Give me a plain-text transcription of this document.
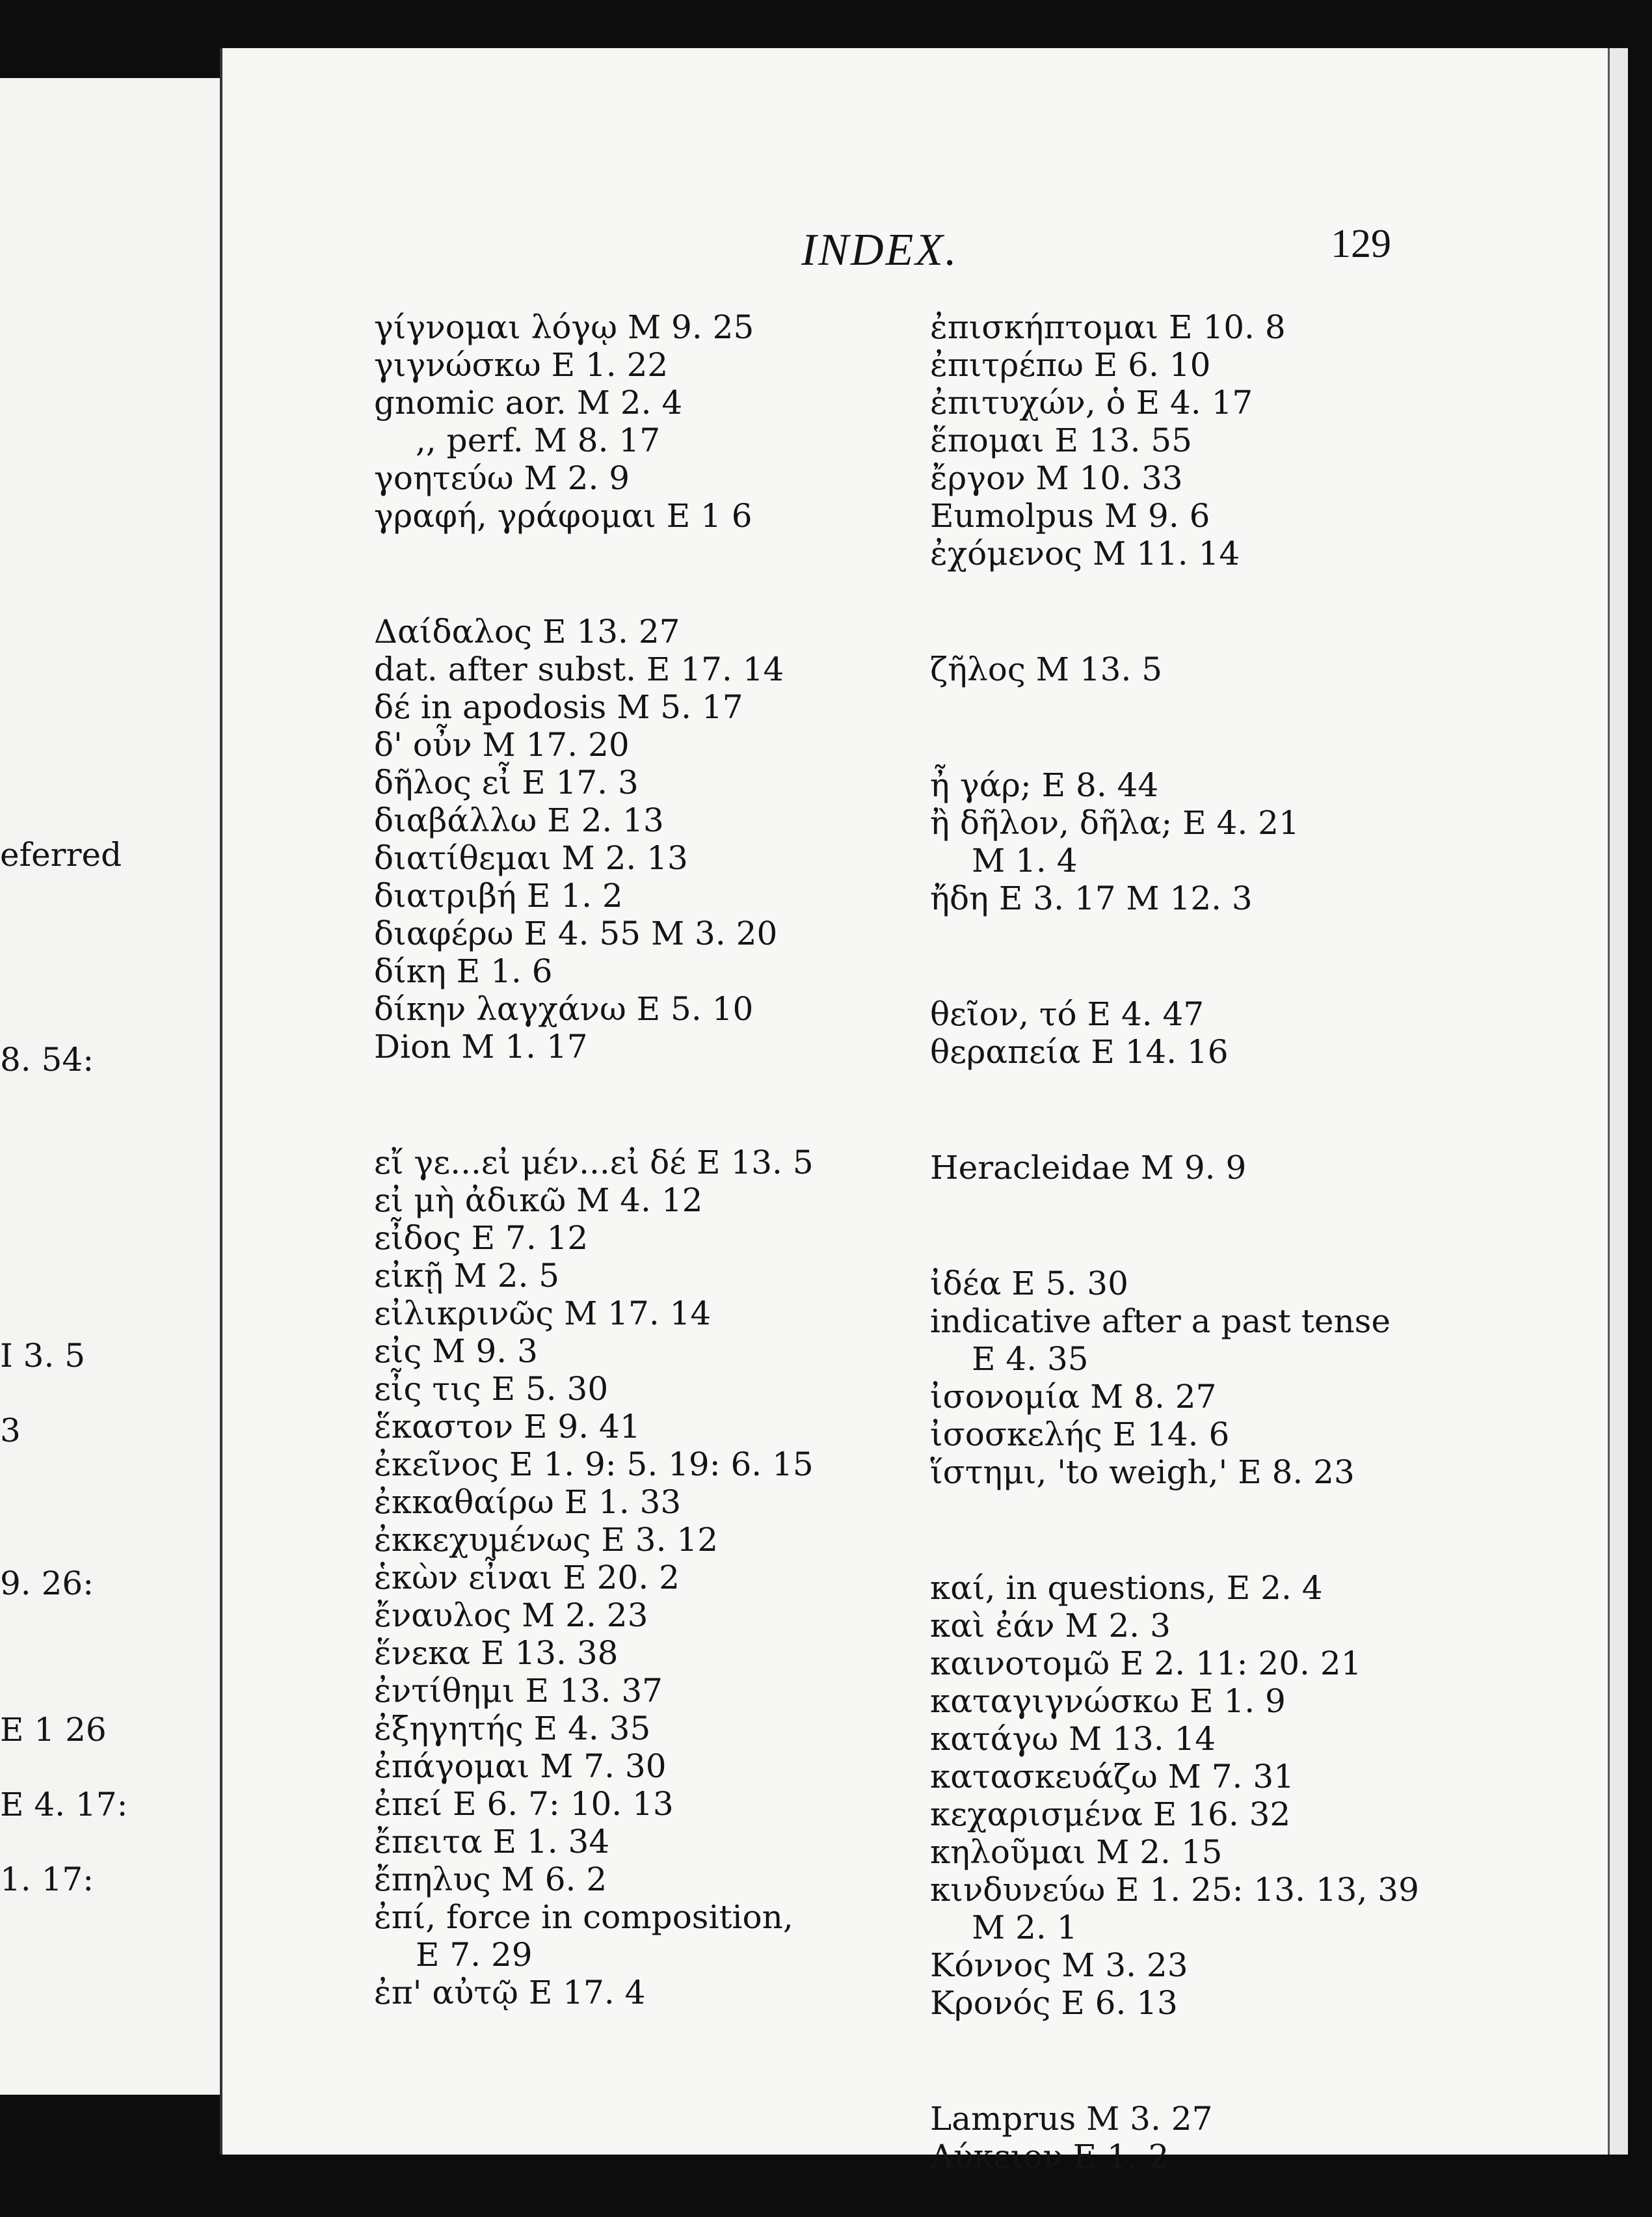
eferred
8. 54:
I 3. 5
3
9. 26:
E 1 26
E 4. 17:
1. 17:
INDEX.	129
γίγνομαι λόγῳ M 9. 25
γιγνώσκω E 1. 22
gnomic aor. M 2. 4
,, perf. M 8. 17
γοητεύω M 2. 9
γραφή, γράφομαι E 1 6
Δαίδαλος E 13. 27
dat. after subst. E 17. 14
δέ in apodosis M 5. 17
δ' οὖν M 17. 20
δῆλος εἶ E 17. 3
διαβάλλω E 2. 13
διατίθεμαι M 2. 13
διατριβή E 1. 2
διαφέρω E 4. 55 M 3. 20
δίκη E 1. 6
δίκην λαγχάνω E 5. 10
Dion M 1. 17
εἴ γε...εἰ μέν...εἰ δέ E 13. 5
εἰ μὴ ἀδικῶ M 4. 12
εἶδος E 7. 12
εἰκῇ M 2. 5
εἰλικρινῶς M 17. 14
εἰς M 9. 3
εἶς τις E 5. 30
ἕκαστον E 9. 41
ἐκεῖνος E 1. 9: 5. 19: 6. 15
ἐκκαθαίρω E 1. 33
ἐκκεχυμένως E 3. 12
ἑκὼν εἶναι E 20. 2
ἔναυλος M 2. 23
ἕνεκα E 13. 38
ἐντίθημι E 13. 37
ἐξηγητής E 4. 35
ἐπάγομαι M 7. 30
ἐπεί E 6. 7: 10. 13
ἔπειτα E 1. 34
ἔπηλυς M 6. 2
ἐπί, force in composition,
E 7. 29
ἐπ' αὐτῷ E 17. 4
ἐπισκήπτομαι E 10. 8
ἐπιτρέπω E 6. 10
ἐπιτυχών, ὁ E 4. 17
ἕπομαι E 13. 55
ἔργον M 10. 33
Eumolpus M 9. 6
ἐχόμενος M 11. 14
ζῆλος M 13. 5
ἦ γάρ; E 8. 44
ἢ δῆλον, δῆλα; E 4. 21
M 1. 4
ἤδη E 3. 17 M 12. 3
θεῖον, τό E 4. 47
θεραπεία E 14. 16
Heracleidae M 9. 9
ἰδέα E 5. 30
indicative after a past tense
E 4. 35
ἰσονομία M 8. 27
ἰσοσκελής E 14. 6
ἵστημι, 'to weigh,' E 8. 23
καί, in questions, E 2. 4
καὶ ἐάν M 2. 3
καινοτομῶ E 2. 11: 20. 21
καταγιγνώσκω E 1. 9
κατάγω M 13. 14
κατασκευάζω M 7. 31
κεχαρισμένα E 16. 32
κηλοῦμαι M 2. 15
κινδυνεύω E 1. 25: 13. 13, 39
M 2. 1
Κόννος M 3. 23
Κρονός E 6. 13
Lamprus M 3. 27
Λύκειον E 1. 2
